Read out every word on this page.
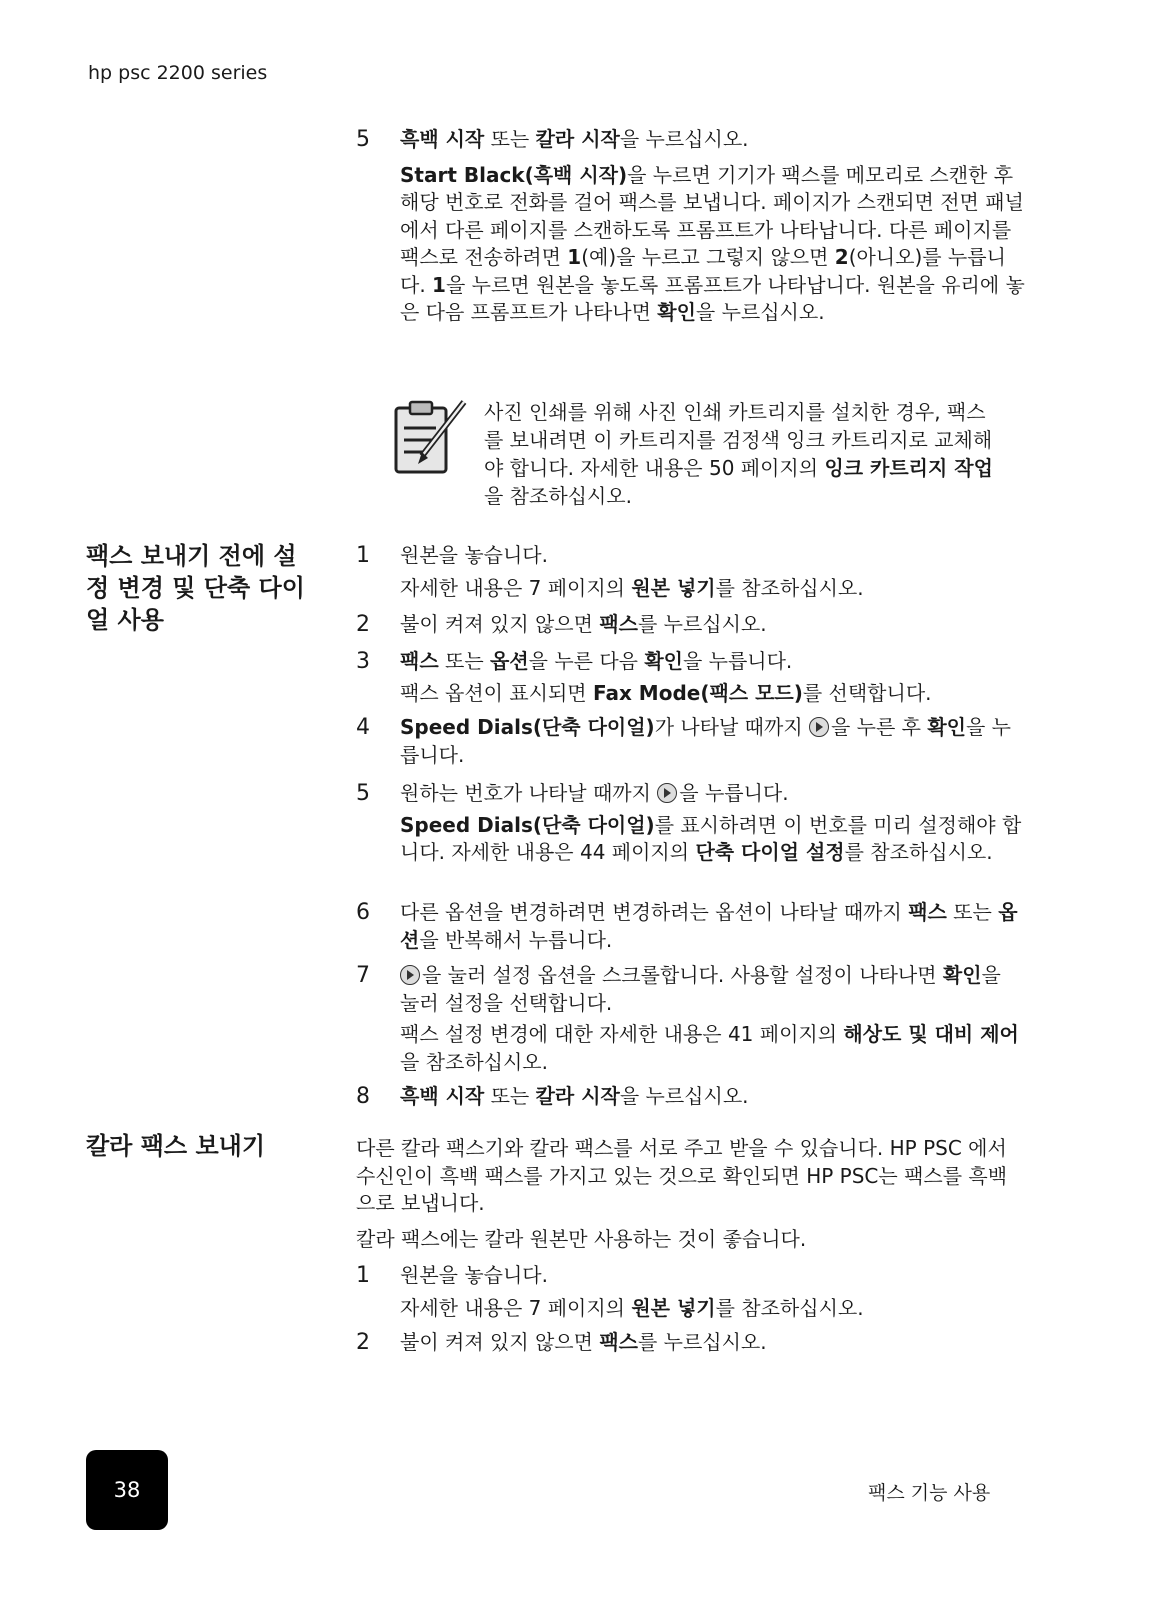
hp psc 2200 series
5	흑백 시작 또는 칼라 시작을 누르십시오.
Start Black(흑백 시작)을 누르면 기기가 팩스를 메모리로 스캔한 후 해당 번호로 전화를 걸어 팩스를 보냅니다. 페이지가 스캔되면 전면 패널에서 다른 페이지를 스캔하도록 프롬프트가 나타납니다. 다른 페이지를 팩스로 전송하려면 1(예)을 누르고 그렇지 않으면 2(아니오)를 누릅니다. 1을 누르면 원본을 놓도록 프롬프트가 나타납니다. 원본을 유리에 놓은 다음 프롬프트가 나타나면 확인을 누르십시오.
사진 인쇄를 위해 사진 인쇄 카트리지를 설치한 경우, 팩스를 보내려면 이 카트리지를 검정색 잉크 카트리지로 교체해야 합니다. 자세한 내용은 50 페이지의 잉크 카트리지 작업을 참조하십시오.
팩스 보내기 전에 설정 변경 및 단축 다이얼 사용
1	원본을 놓습니다.
자세한 내용은 7 페이지의 원본 넣기를 참조하십시오.
2	불이 켜져 있지 않으면 팩스를 누르십시오.
3	팩스 또는 옵션을 누른 다음 확인을 누릅니다.
팩스 옵션이 표시되면 Fax Mode(팩스 모드)를 선택합니다.
4	Speed Dials(단축 다이얼)가 나타날 때까지 을 누른 후 확인을 누릅니다.
5	원하는 번호가 나타날 때까지 을 누릅니다.
Speed Dials(단축 다이얼)를 표시하려면 이 번호를 미리 설정해야 합니다. 자세한 내용은 44 페이지의 단축 다이얼 설정를 참조하십시오.
6	다른 옵션을 변경하려면 변경하려는 옵션이 나타날 때까지 팩스 또는 옵션을 반복해서 누릅니다.
7	을 눌러 설정 옵션을 스크롤합니다. 사용할 설정이 나타나면 확인을 눌러 설정을 선택합니다.
팩스 설정 변경에 대한 자세한 내용은 41 페이지의 해상도 및 대비 제어을 참조하십시오.
8	흑백 시작 또는 칼라 시작을 누르십시오.
칼라 팩스 보내기	다른 칼라 팩스기와 칼라 팩스를 서로 주고 받을 수 있습니다. HP PSC 에서 수신인이 흑백 팩스를 가지고 있는 것으로 확인되면 HP PSC는 팩스를 흑백으로 보냅니다.
칼라 팩스에는 칼라 원본만 사용하는 것이 좋습니다.
1	원본을 놓습니다.
자세한 내용은 7 페이지의 원본 넣기를 참조하십시오.
2	불이 켜져 있지 않으면 팩스를 누르십시오.
38	팩스 기능 사용
